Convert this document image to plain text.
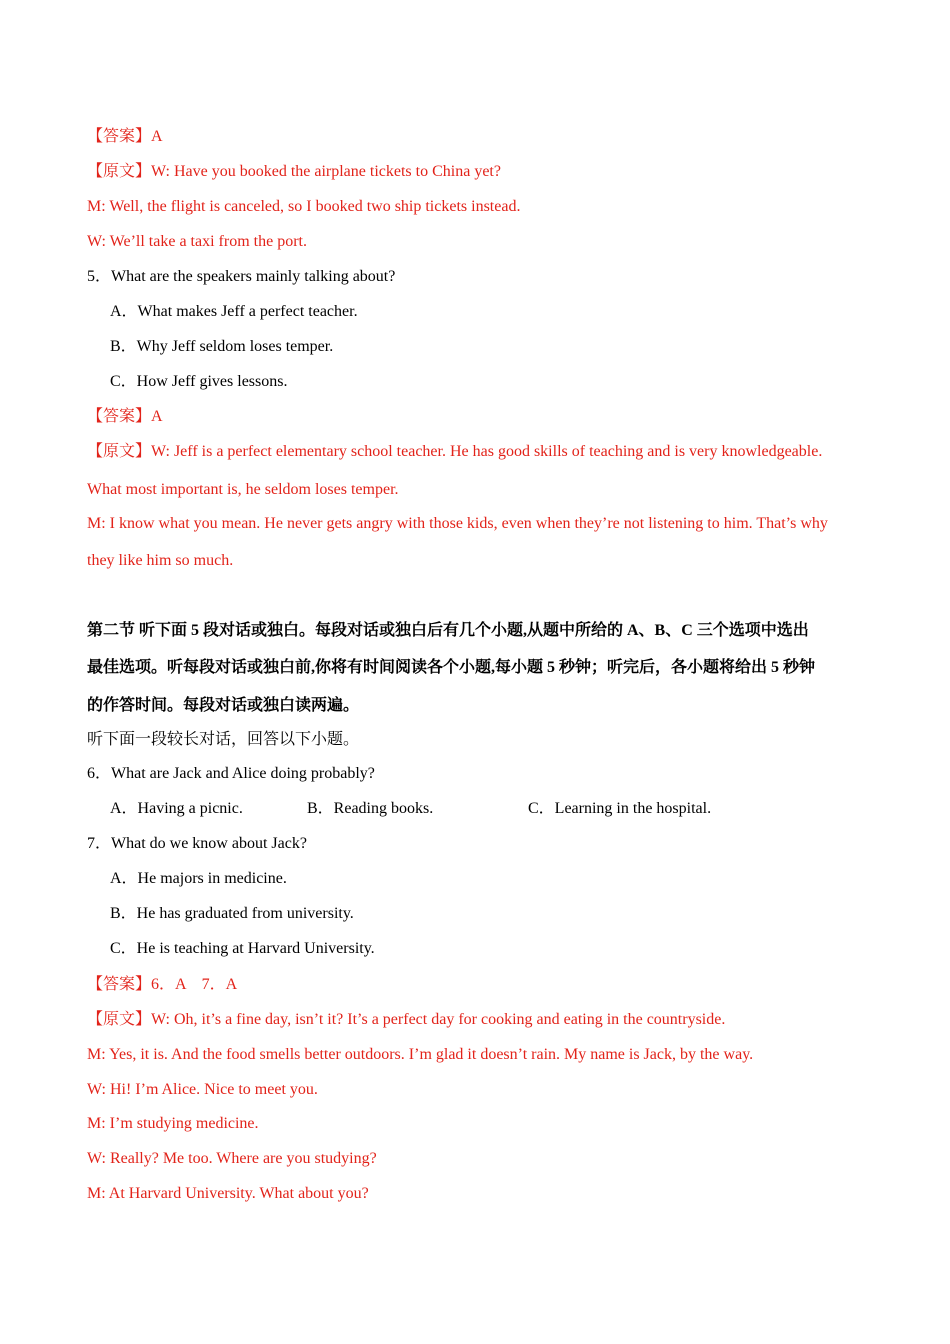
【答案】A
【原文】W: Have you booked the airplane tickets to China yet?
M: Well, the flight is canceled, so I booked two ship tickets instead.
W: We’ll take a taxi from the port.
5．What are the speakers mainly talking about?
A．What makes Jeff a perfect teacher.
B．Why Jeff seldom loses temper.
C．How Jeff gives lessons.
【答案】A
【原文】W: Jeff is a perfect elementary school teacher. He has good skills of teaching and is very knowledgeable.
What most important is, he seldom loses temper.
M: I know what you mean. He never gets angry with those kids, even when they’re not listening to him. That’s why
they like him so much.
第二节 听下面 5 段对话或独白。每段对话或独白后有几个小题,从题中所给的 A、B、C 三个选项中选出
最佳选项。听每段对话或独白前,你将有时间阅读各个小题,每小题 5 秒钟；听完后，各小题将给出 5 秒钟
的作答时间。每段对话或独白读两遍。
听下面一段较长对话，回答以下小题。
6．What are Jack and Alice doing probably?
A．Having a picnic.	B．Reading books.	C．Learning in the hospital.
7．What do we know about Jack?
A．He majors in medicine.
B．He has graduated from university.
C．He is teaching at Harvard University.
【答案】6．A    7．A
【原文】W: Oh, it’s a fine day, isn’t it? It’s a perfect day for cooking and eating in the countryside.
M: Yes, it is. And the food smells better outdoors. I’m glad it doesn’t rain. My name is Jack, by the way.
W: Hi! I’m Alice. Nice to meet you.
M: I’m studying medicine.
W: Really? Me too. Where are you studying?
M: At Harvard University. What about you?
